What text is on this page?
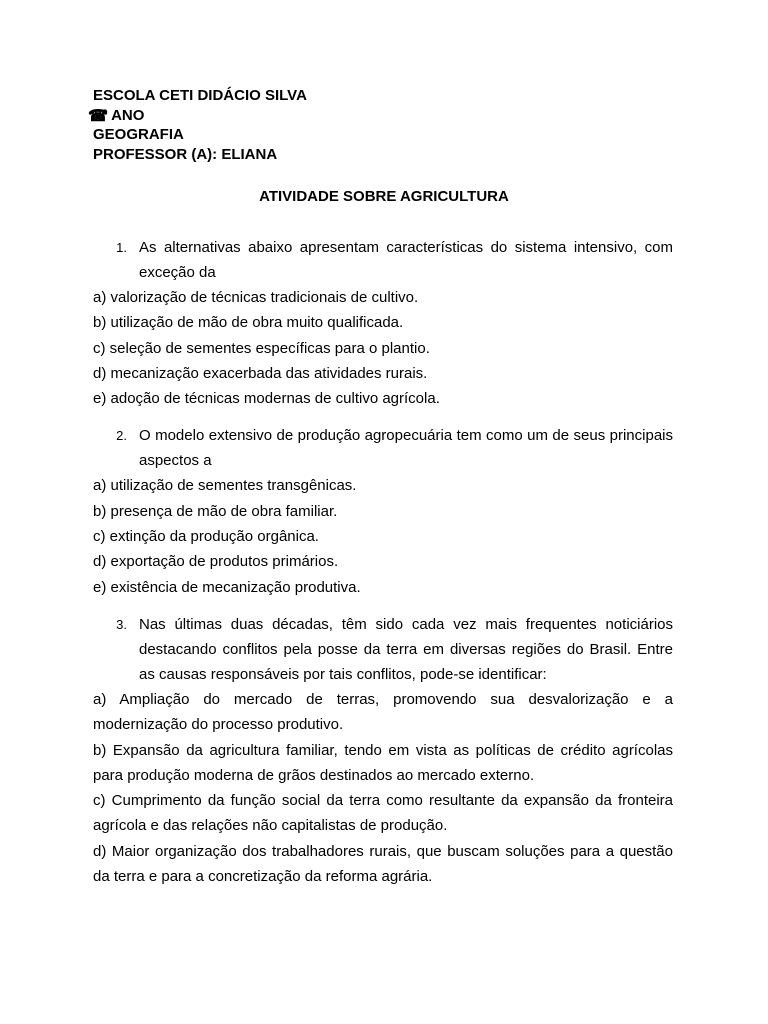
ESCOLA CETI DIDÁCIO SILVA
☎
º ANO
GEOGRAFIA
PROFESSOR (A): ELIANA
ATIVIDADE SOBRE AGRICULTURA
1. As alternativas abaixo apresentam características do sistema intensivo, com exceção da
a) valorização de técnicas tradicionais de cultivo.
b) utilização de mão de obra muito qualificada.
c) seleção de sementes específicas para o plantio.
d) mecanização exacerbada das atividades rurais.
e) adoção de técnicas modernas de cultivo agrícola.
2. O modelo extensivo de produção agropecuária tem como um de seus principais aspectos a
a) utilização de sementes transgênicas.
b) presença de mão de obra familiar.
c) extinção da produção orgânica.
d) exportação de produtos primários.
e) existência de mecanização produtiva.
3. Nas últimas duas décadas, têm sido cada vez mais frequentes noticiários destacando conflitos pela posse da terra em diversas regiões do Brasil. Entre as causas responsáveis por tais conflitos, pode-se identificar:
a) Ampliação do mercado de terras, promovendo sua desvalorização e a modernização do processo produtivo.
b) Expansão da agricultura familiar, tendo em vista as políticas de crédito agrícolas para produção moderna de grãos destinados ao mercado externo.
c) Cumprimento da função social da terra como resultante da expansão da fronteira agrícola e das relações não capitalistas de produção.
d) Maior organização dos trabalhadores rurais, que buscam soluções para a questão da terra e para a concretização da reforma agrária.
